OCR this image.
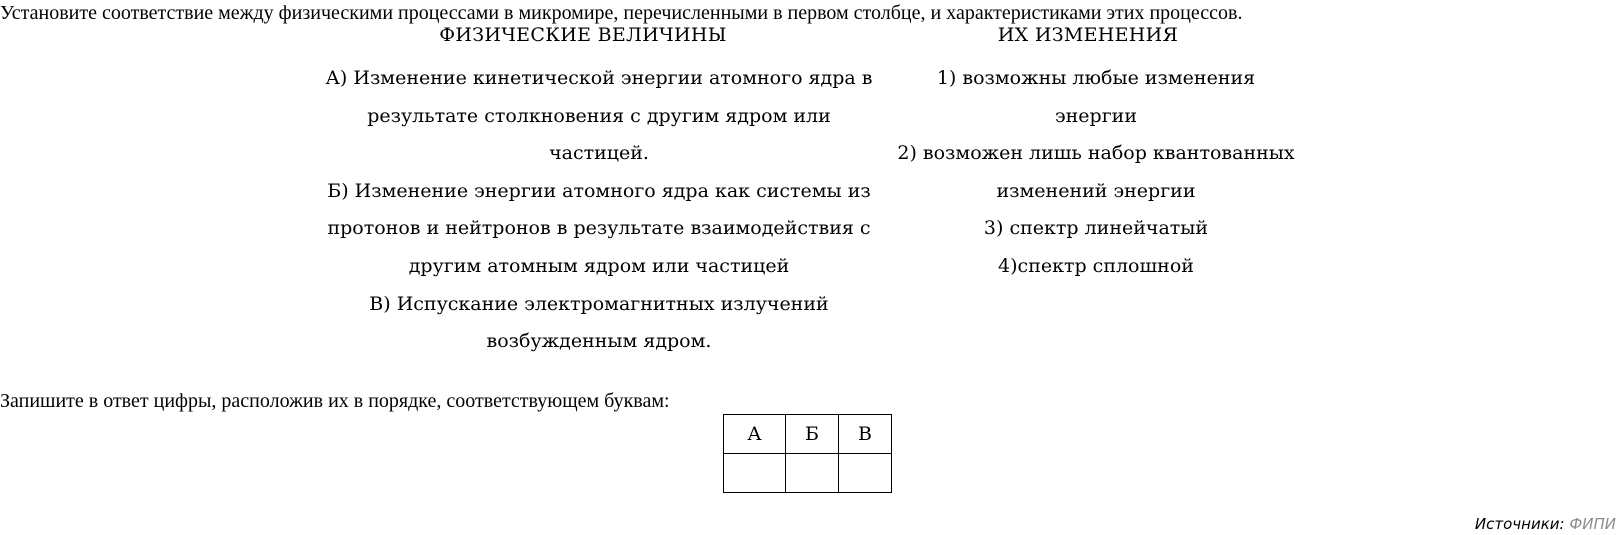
Установите соответствие между физическими процессами в микромире, перечисленными в первом столбце, и характеристиками этих процессов.
ФИЗИЧЕСКИЕ ВЕЛИЧИНЫ
А) Изменение кинетической энергии атомного ядра в результате столкновения с другим ядром или частицей.
Б) Изменение энергии атомного ядра как системы из протонов и нейтронов в результате взаимодействия с другим атомным ядром или частицей
В) Испускание электромагнитных излучений возбужденным ядром.
ИХ ИЗМЕНЕНИЯ
1) возможны любые изменения энергии
2) возможен лишь набор квантованных изменений энергии
3) спектр линейчатый
4)спектр сплошной
Запишите в ответ цифры, расположив их в порядке, соответствующем буквам:
А	Б	В

Источники: ФИПИ
